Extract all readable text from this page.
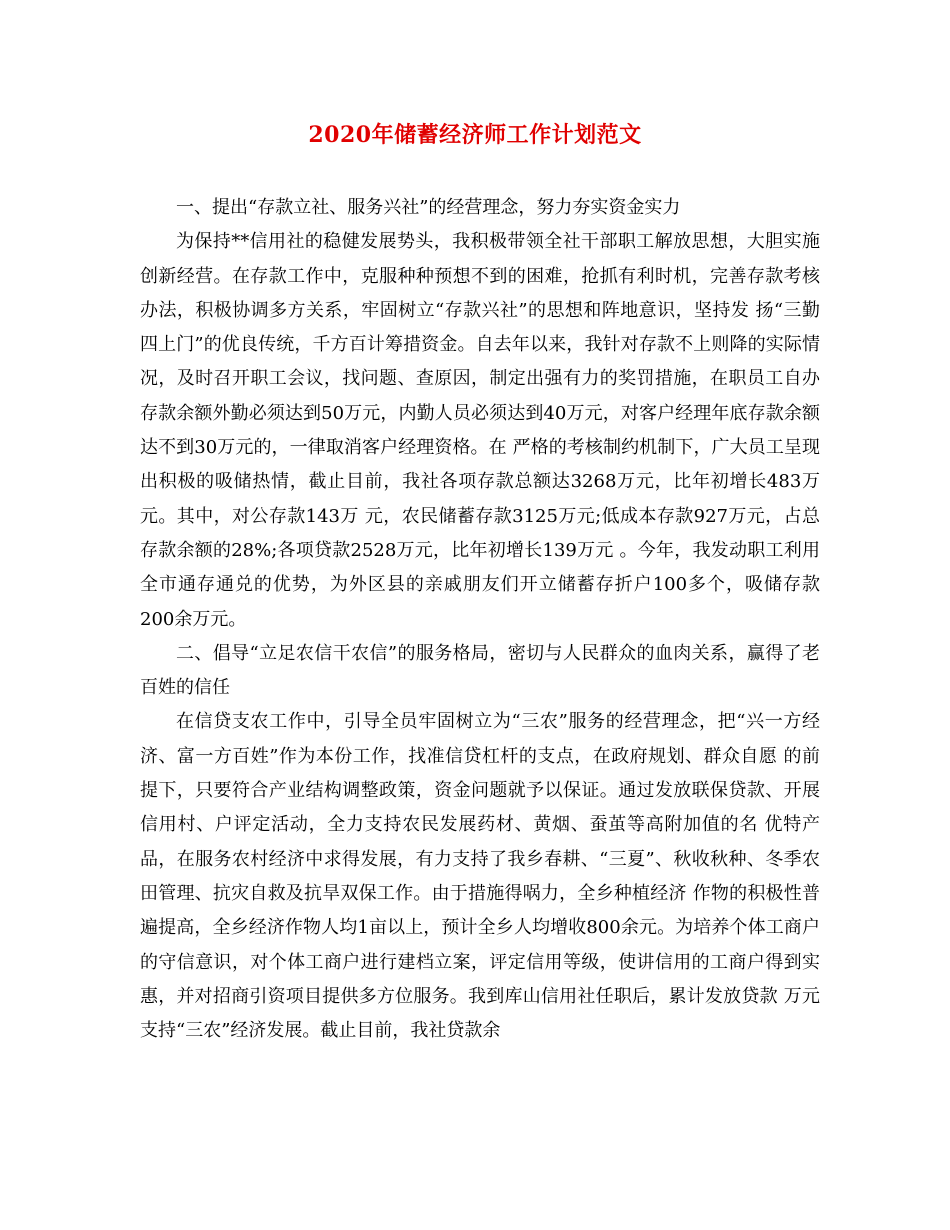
2020年储蓄经济师工作计划范文

一、提出“存款立社、服务兴社”的经营理念，努力夯实资金实力

为保持**信用社的稳健发展势头，我积极带领全社干部职工解放思想，大胆实施 创新经营。在存款工作中，克服种种预想不到的困难，抢抓有利时机，完善存款考核办法，积极协调多方关系，牢固树立“存款兴社”的思想和阵地意识，坚持发 扬“三勤四上门”的优良传统，千方百计筹措资金。自去年以来，我针对存款不上则降的实际情况，及时召开职工会议，找问题、查原因，制定出强有力的奖罚措施，在职员工自办存款余额外勤必须达到50万元，内勤人员必须达到40万元，对客户经理年底存款余额达不到30万元的，一律取消客户经理资格。在 严格的考核制约机制下，广大员工呈现出积极的吸储热情，截止目前，我社各项存款总额达3268万元，比年初增长483万元。其中，对公存款143万 元，农民储蓄存款3125万元;低成本存款927万元，占总存款余额的28%;各项贷款2528万元，比年初增长139万元 。今年，我发动职工利用全市通存通兑的优势，为外区县的亲戚朋友们开立储蓄存折户100多个，吸储存款200余万元。

二、倡导“立足农信干农信”的服务格局，密切与人民群众的血肉关系，赢得了老百姓的信任

在信贷支农工作中，引导全员牢固树立为“三农”服务的经营理念，把“兴一方经济、富一方百姓”作为本份工作，找准信贷杠杆的支点，在政府规划、群众自愿 的前提下，只要符合产业结构调整政策，资金问题就予以保证。通过发放联保贷款、开展信用村、户评定活动，全力支持农民发展药材、黄烟、蚕茧等高附加值的名 优特产品，在服务农村经济中求得发展，有力支持了我乡春耕、“三夏”、秋收秋种、冬季农田管理、抗灾自救及抗旱双保工作。由于措施得㖞力，全乡种植经济 作物的积极性普遍提高，全乡经济作物人均1亩以上，预计全乡人均增收800余元。为培养个体工商户的守信意识，对个体工商户进行建档立案，评定信用等级，使讲信用的工商户得到实惠，并对招商引资项目提供多方位服务。我到库山信用社任职后，累计发放贷款 万元支持“三农”经济发展。截止目前，我社贷款余
